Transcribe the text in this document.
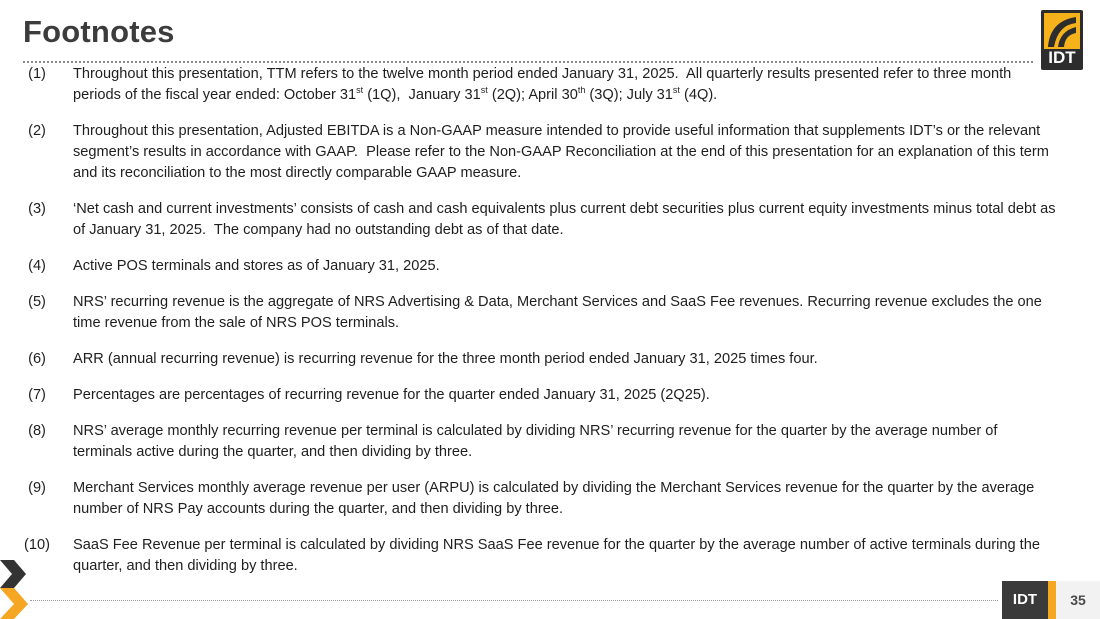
Footnotes
IDT
(1)	Throughout this presentation, TTM refers to the twelve month period ended January 31, 2025.  All quarterly results presented refer to three month periods of the fiscal year ended: October 31st (1Q),  January 31st (2Q); April 30th (3Q); July 31st (4Q).
(2)	Throughout this presentation, Adjusted EBITDA is a Non-GAAP measure intended to provide useful information that supplements IDT’s or the relevant segment’s results in accordance with GAAP.  Please refer to the Non-GAAP Reconciliation at the end of this presentation for an explanation of this term and its reconciliation to the most directly comparable GAAP measure.
(3)	‘Net cash and current investments’ consists of cash and cash equivalents plus current debt securities plus current equity investments minus total debt as of January 31, 2025.  The company had no outstanding debt as of that date.
(4)	Active POS terminals and stores as of January 31, 2025.
(5)	NRS’ recurring revenue is the aggregate of NRS Advertising & Data, Merchant Services and SaaS Fee revenues. Recurring revenue excludes the one time revenue from the sale of NRS POS terminals.
(6)	ARR (annual recurring revenue) is recurring revenue for the three month period ended January 31, 2025 times four.
(7)	Percentages are percentages of recurring revenue for the quarter ended January 31, 2025 (2Q25).
(8)	NRS’ average monthly recurring revenue per terminal is calculated by dividing NRS’ recurring revenue for the quarter by the average number of terminals active during the quarter, and then dividing by three.
(9)	Merchant Services monthly average revenue per user (ARPU) is calculated by dividing the Merchant Services revenue for the quarter by the average number of NRS Pay accounts during the quarter, and then dividing by three.
(10)	SaaS Fee Revenue per terminal is calculated by dividing NRS SaaS Fee revenue for the quarter by the average number of active terminals during the quarter, and then dividing by three.
IDT	35
